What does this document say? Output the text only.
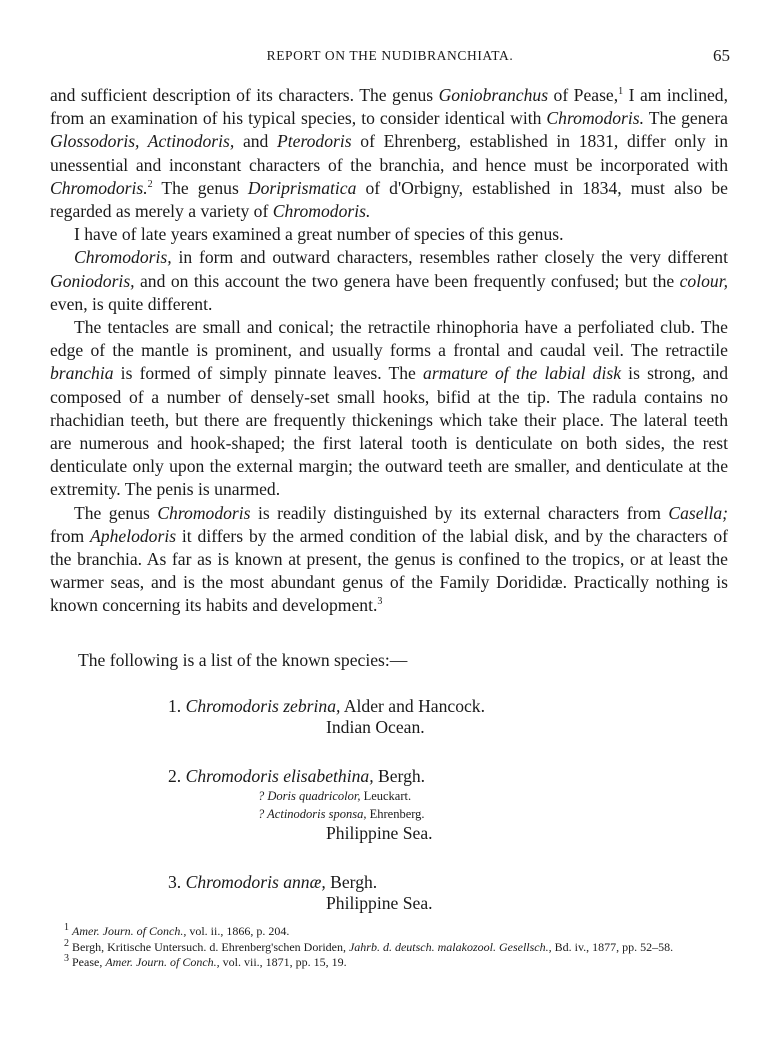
REPORT ON THE NUDIBRANCHIATA.	65

and sufficient description of its characters. The genus Goniobranchus of Pease,$^1$ I am inclined, from an examination of his typical species, to consider identical with Chromodoris. The genera Glossodoris, Actinodoris, and Pterodoris of Ehrenberg, established in 1831, differ only in unessential and inconstant characters of the branchia, and hence must be incorporated with Chromodoris.$^2$ The genus Doriprismatica of d'Orbigny, established in 1834, must also be regarded as merely a variety of Chromodoris.

I have of late years examined a great number of species of this genus.

Chromodoris, in form and outward characters, resembles rather closely the very different Goniodoris, and on this account the two genera have been frequently confused; but the colour, even, is quite different.

The tentacles are small and conical; the retractile rhinophoria have a perfoliated club. The edge of the mantle is prominent, and usually forms a frontal and caudal veil. The retractile branchia is formed of simply pinnate leaves. The armature of the labial disk is strong, and composed of a number of densely-set small hooks, bifid at the tip. The radula contains no rhachidian teeth, but there are frequently thickenings which take their place. The lateral teeth are numerous and hook-shaped; the first lateral tooth is denticulate on both sides, the rest denticulate only upon the external margin; the outward teeth are smaller, and denticulate at the extremity. The penis is unarmed.

The genus Chromodoris is readily distinguished by its external characters from Casella; from Aphelodoris it differs by the armed condition of the labial disk, and by the characters of the branchia. As far as is known at present, the genus is confined to the tropics, or at least the warmer seas, and is the most abundant genus of the Family Dorididæ. Practically nothing is known concerning its habits and development.$^3$

The following is a list of the known species:—
1. Chromodoris zebrina, Alder and Hancock.
Indian Ocean.
2. Chromodoris elisabethina, Bergh.
? Doris quadricolor, Leuckart.
? Actinodoris sponsa, Ehrenberg.
Philippine Sea.
3. Chromodoris annæ, Bergh.
Philippine Sea.
$^1$ Amer. Journ. of Conch., vol. ii., 1866, p. 204.
$^2$ Bergh, Kritische Untersuch. d. Ehrenberg'schen Doriden, Jahrb. d. deutsch. malakozool. Gesellsch., Bd. iv., 1877, pp. 52–58.
$^3$ Pease, Amer. Journ. of Conch., vol. vii., 1871, pp. 15, 19.
